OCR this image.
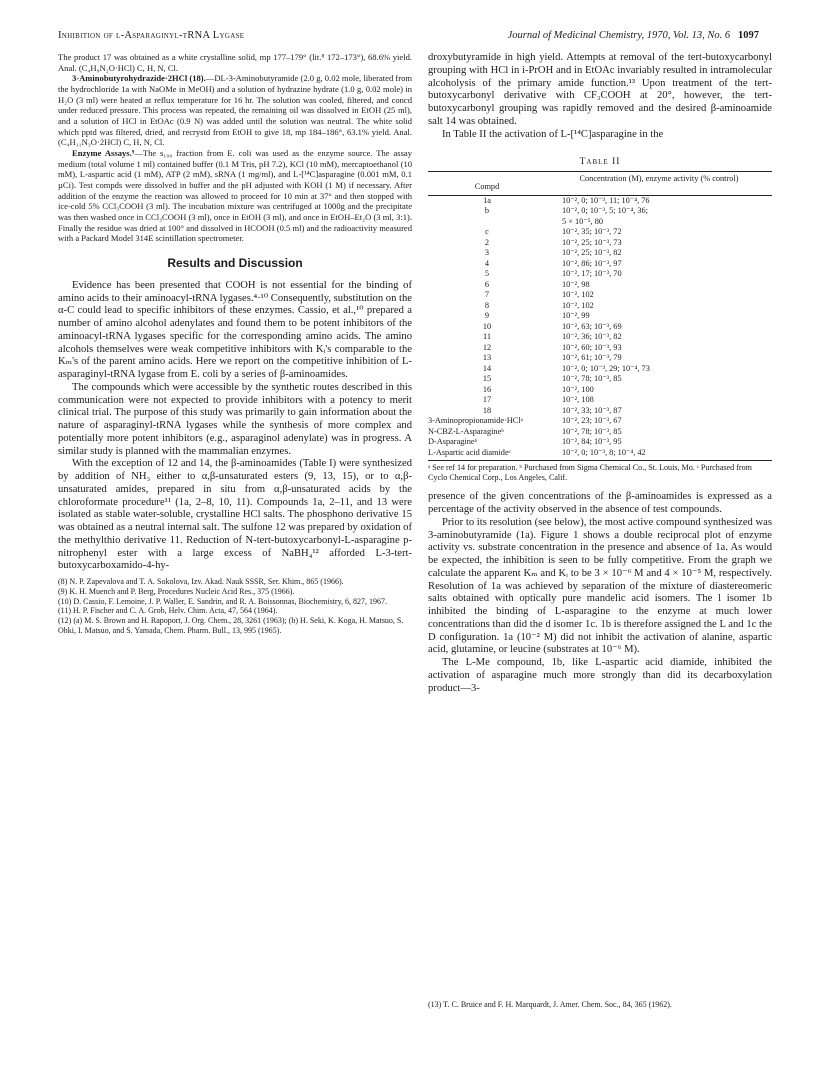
Inhibition of l-Asparaginyl-tRNA Lygase	Journal of Medicinal Chemistry, 1970, Vol. 13, No. 6 1097

The product 17 was obtained as a white crystalline solid, mp 177–179° (lit.⁸ 172–173°), 68.6% yield. Anal. (C₄H₉N₂O·HCl) C, H, N, Cl.

3-Aminobutyrohydrazide·2HCl (18).—DL-3-Aminobutyramide (2.0 g, 0.02 mole, liberated from the hydrochloride 1a with NaOMe in MeOH) and a solution of hydrazine hydrate (1.0 g, 0.02 mole) in H₂O (3 ml) were heated at reflux temperature for 16 hr. The solution was cooled, filtered, and concd under reduced pressure. This process was repeated, the remaining oil was dissolved in EtOH (25 ml), and a solution of HCl in EtOAc (0.9 N) was added until the solution was neutral. The white solid which pptd was filtered, dried, and recrystd from EtOH to give 18, mp 184–186°, 63.1% yield. Anal. (C₄H₁₁N₃O·2HCl) C, H, N, Cl.

Enzyme Assays.⁹—The s₁₀₀ fraction from E. coli was used as the enzyme source. The assay medium (total volume 1 ml) contained buffer (0.1 M Tris, pH 7.2), KCl (10 mM), mercaptoethanol (10 mM), L-aspartic acid (1 mM), ATP (2 mM), sRNA (1 mg/ml), and L-[¹⁴C]asparagine (0.001 mM, 0.1 µCi). Test compds were dissolved in buffer and the pH adjusted with KOH (1 M) if necessary. After addition of the enzyme the reaction was allowed to proceed for 10 min at 37° and then stopped with ice-cold 5% CCl₃COOH (3 ml). The incubation mixture was centrifuged at 1000g and the precipitate was then washed once in CCl₃COOH (3 ml), once in EtOH (3 ml), and once in EtOH–Et₂O (3 ml, 3:1). Finally the residue was dried at 100° and dissolved in HCOOH (0.5 ml) and the radioactivity measured with a Packard Model 314E scintillation spectrometer.

Results and Discussion

Evidence has been presented that COOH is not essential for the binding of amino acids to their aminoacyl-tRNA lygases.⁴·¹⁰ Consequently, substitution on the α-C could lead to specific inhibitors of these enzymes. Cassio, et al.,¹⁰ prepared a number of amino alcohol adenylates and found them to be potent inhibitors of the aminoacyl-tRNA lygases specific for the corresponding amino acids. The amino alcohols themselves were weak competitive inhibitors with Kᵢ's comparable to the Kₘ's of the parent amino acids. Here we report on the competitive inhibition of L-asparaginyl-tRNA lygase from E. coli by a series of β-aminoamides.

The compounds which were accessible by the synthetic routes described in this communication were not expected to provide inhibitors with a potency to merit clinical trial. The purpose of this study was primarily to gain information about the nature of asparaginyl-tRNA lygases while the synthesis of more complex and potentially more potent inhibitors (e.g., asparaginol adenylate) was in progress. A similar study is planned with the mammalian enzymes.

With the exception of 12 and 14, the β-aminoamides (Table I) were synthesized by addition of NH₃ either to α,β-unsaturated esters (9, 13, 15), or to α,β-unsaturated amides, prepared in situ from α,β-unsaturated acids by the chloroformate procedure¹¹ (1a, 2–8, 10, 11). Compounds 1a, 2–11, and 13 were isolated as stable water-soluble, crystalline HCl salts. The phosphono derivative 15 was obtained as a neutral internal salt. The sulfone 12 was prepared by oxidation of the methylthio derivative 11. Reduction of N-tert-butoxycarbonyl-L-asparagine p-nitrophenyl ester with a large excess of NaBH₄¹² afforded L-3-tert-butoxycarboxamido-4-hy-

(8) N. P. Zapevalova and T. A. Sokolova, Izv. Akad. Nauk SSSR, Ser. Khim., 865 (1966).
(9) K. H. Muench and P. Berg, Procedures Nucleic Acid Res., 375 (1966).
(10) D. Cassio, F. Lemoine, J. P. Waller, E. Sandrin, and R. A. Boissonnas, Biochemistry, 6, 827, 1967.
(11) H. P. Fischer and C. A. Grob, Helv. Chim. Acta, 47, 564 (1964).
(12) (a) M. S. Brown and H. Rapoport, J. Org. Chem., 28, 3261 (1963); (b) H. Seki, K. Koga, H. Matsuo, S. Ohki, I. Matsuo, and S. Yamada, Chem. Pharm. Bull., 13, 995 (1965).

droxybutyramide in high yield. Attempts at removal of the tert-butoxycarbonyl grouping with HCl in i-PrOH and in EtOAc invariably resulted in intramolecular alcoholysis of the primary amide function.¹³ Upon treatment of the tert-butoxycarbonyl derivative with CF₃COOH at 20°, however, the tert-butoxycarbonyl grouping was rapidly removed and the desired β-aminoamide salt 14 was obtained.

In Table II the activation of L-[¹⁴C]asparagine in the

Table II
Compd
Concentration (M), enzyme activity (% control)
1a	10⁻², 0; 10⁻³, 11; 10⁻⁴, 76
b	10⁻², 0; 10⁻³, 5; 10⁻⁴, 36;
5 × 10⁻⁵, 80
c	10⁻², 35; 10⁻³, 72
2	10⁻², 25; 10⁻³, 73
3	10⁻², 25; 10⁻³, 82
4	10⁻², 86; 10⁻³, 97
5	10⁻², 17; 10⁻³, 70
6	10⁻², 98
7	10⁻², 102
8	10⁻², 102
9	10⁻², 99
10	10⁻², 63; 10⁻³, 69
11	10⁻², 36; 10⁻³, 82
12	10⁻², 60; 10⁻³, 93
13	10⁻², 61; 10⁻³, 79
14	10⁻², 0; 10⁻³, 29; 10⁻⁴, 73
15	10⁻², 78; 10⁻³, 85
16	10⁻², 100
17	10⁻², 108
18	10⁻², 33; 10⁻³, 87
3-Aminopropionamide·HClᵃ	10⁻², 23; 10⁻³, 67
N-CBZ-L-Asparagineᵇ	10⁻², 78; 10⁻³, 85
D-Asparagineᵇ	10⁻², 84; 10⁻³, 95
L-Aspartic acid diamideᶜ	10⁻², 0; 10⁻³, 8; 10⁻⁴, 42
ᵃ See ref 14 for preparation. ᵇ Purchased from Sigma Chemical Co., St. Louis, Mo. ᶜ Purchased from Cyclo Chemical Corp., Los Angeles, Calif.

presence of the given concentrations of the β-aminoamides is expressed as a percentage of the activity observed in the absence of test compounds.

Prior to its resolution (see below), the most active compound synthesized was 3-aminobutyramide (1a). Figure 1 shows a double reciprocal plot of enzyme activity vs. substrate concentration in the presence and absence of 1a. As would be expected, the inhibition is seen to be fully competitive. From the graph we calculate the apparent Kₘ and Kᵢ to be 3 × 10⁻⁶ M and 4 × 10⁻⁵ M, respectively. Resolution of 1a was achieved by separation of the mixture of diastereomeric salts obtained with optically pure mandelic acid isomers. The l isomer 1b inhibited the binding of L-asparagine to the enzyme at much lower concentrations than did the d isomer 1c. 1b is therefore assigned the L and 1c the D configuration. 1a (10⁻² M) did not inhibit the activation of alanine, aspartic acid, glutamine, or leucine (substrates at 10⁻⁶ M).

The L-Me compound, 1b, like L-aspartic acid diamide, inhibited the activation of asparagine much more strongly than did its decarboxylation product—3-

(13) T. C. Bruice and F. H. Marquardt, J. Amer. Chem. Soc., 84, 365 (1962).
